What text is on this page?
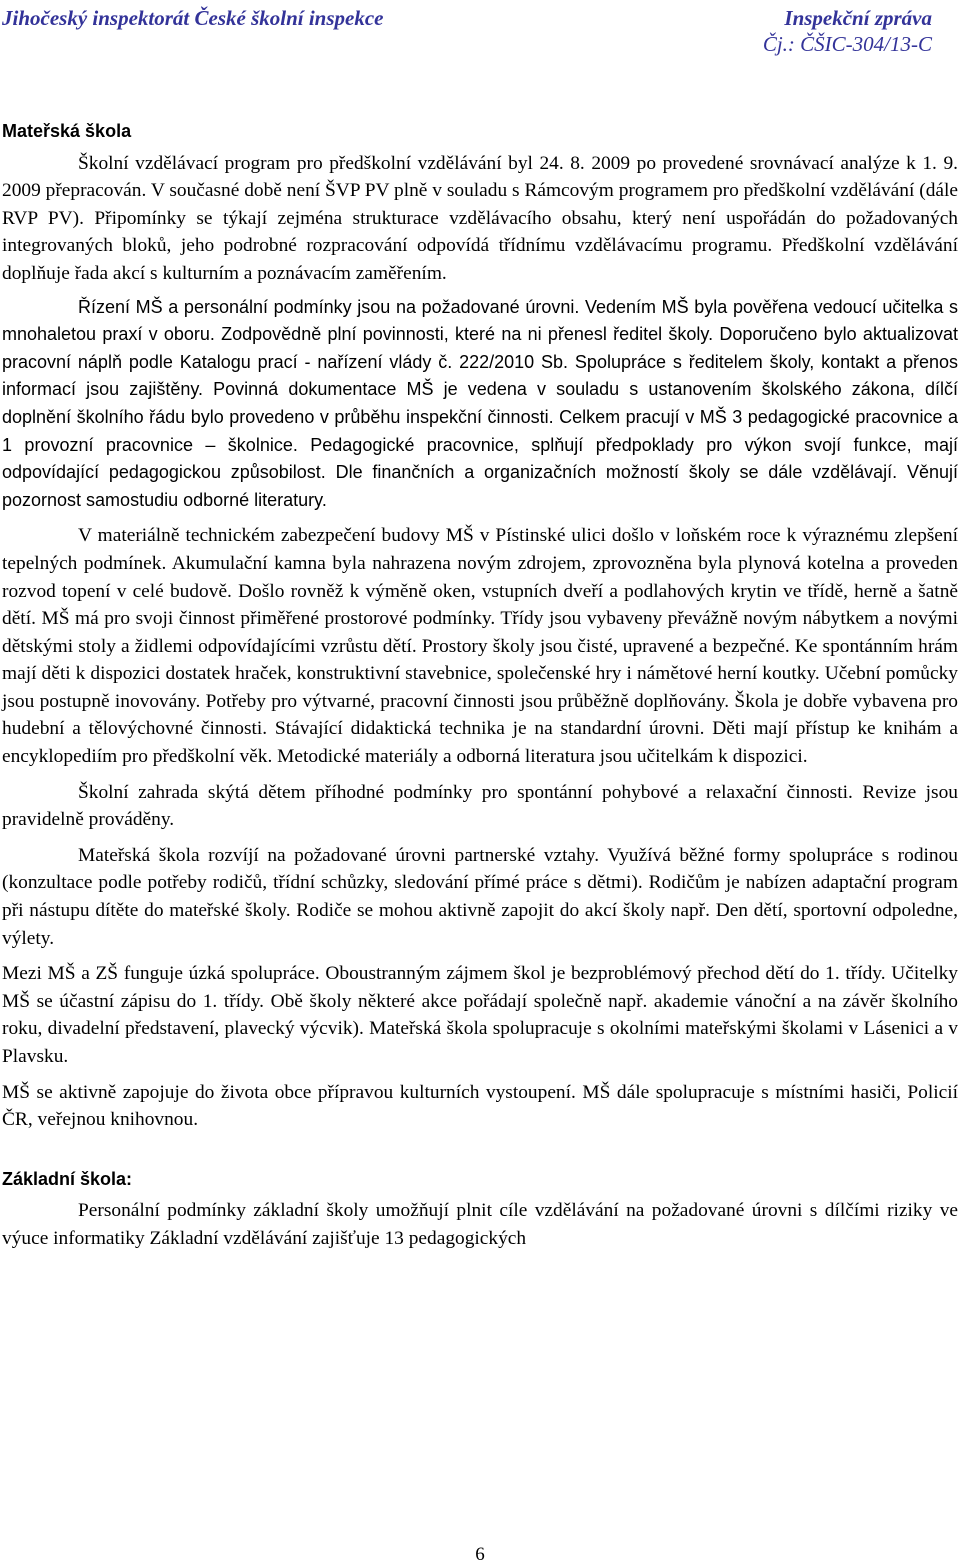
Jihočeský inspektorát České školní inspekce	Inspekční zpráva
Čj.: ČŠIC-304/13-C
Mateřská škola

Školní vzdělávací program pro předškolní vzdělávání byl 24. 8. 2009 po provedené srovnávací analýze k 1. 9. 2009 přepracován. V současné době není ŠVP PV plně v souladu s Rámcovým programem pro předškolní vzdělávání (dále RVP PV). Připomínky se týkají zejména strukturace vzdělávacího obsahu, který není uspořádán do požadovaných integrovaných bloků, jeho podrobné rozpracování odpovídá třídnímu vzdělávacímu programu. Předškolní vzdělávání doplňuje řada akcí s kulturním a poznávacím zaměřením.

Řízení MŠ a personální podmínky jsou na požadované úrovni. Vedením MŠ byla pověřena vedoucí učitelka s mnohaletou praxí v oboru. Zodpovědně plní povinnosti, které na ni přenesl ředitel školy. Doporučeno bylo aktualizovat pracovní náplň podle Katalogu prací - nařízení vlády č. 222/2010 Sb. Spolupráce s ředitelem školy, kontakt a přenos informací jsou zajištěny. Povinná dokumentace MŠ je vedena v souladu s ustanovením školského zákona, dílčí doplnění školního řádu bylo provedeno v průběhu inspekční činnosti. Celkem pracují v MŠ 3 pedagogické pracovnice a 1 provozní pracovnice – školnice. Pedagogické pracovnice, splňují předpoklady pro výkon svojí funkce, mají odpovídající pedagogickou způsobilost. Dle finančních a organizačních možností školy se dále vzdělávají. Věnují pozornost samostudiu odborné literatury.

V materiálně technickém zabezpečení budovy MŠ v Pístinské ulici došlo v loňském roce k výraznému zlepšení tepelných podmínek. Akumulační kamna byla nahrazena novým zdrojem, zprovozněna byla plynová kotelna a proveden rozvod topení v celé budově. Došlo rovněž k výměně oken, vstupních dveří a podlahových krytin ve třídě, herně a šatně dětí. MŠ má pro svoji činnost přiměřené prostorové podmínky. Třídy jsou vybaveny převážně novým nábytkem a novými dětskými stoly a židlemi odpovídajícími vzrůstu dětí. Prostory školy jsou čisté, upravené a bezpečné. Ke spontánním hrám mají děti k dispozici dostatek hraček, konstruktivní stavebnice, společenské hry i námětové herní koutky. Učební pomůcky jsou postupně inovovány. Potřeby pro výtvarné, pracovní činnosti jsou průběžně doplňovány. Škola je dobře vybavena pro hudební a tělovýchovné činnosti. Stávající didaktická technika je na standardní úrovni. Děti mají přístup ke knihám a encyklopediím pro předškolní věk. Metodické materiály a odborná literatura jsou učitelkám k dispozici.

Školní zahrada skýtá dětem příhodné podmínky pro spontánní pohybové a relaxační činnosti. Revize jsou pravidelně prováděny.

Mateřská škola rozvíjí na požadované úrovni partnerské vztahy. Využívá běžné formy spolupráce s rodinou (konzultace podle potřeby rodičů, třídní schůzky, sledování přímé práce s dětmi). Rodičům je nabízen adaptační program při nástupu dítěte do mateřské školy. Rodiče se mohou aktivně zapojit do akcí školy např. Den dětí, sportovní odpoledne, výlety.

Mezi MŠ a ZŠ funguje úzká spolupráce. Oboustranným zájmem škol je bezproblémový přechod dětí do 1. třídy. Učitelky MŠ se účastní zápisu do 1. třídy. Obě školy některé akce pořádají společně např. akademie vánoční a na závěr školního roku, divadelní představení, plavecký výcvik). Mateřská škola spolupracuje s okolními mateřskými školami v Lásenici a v Plavsku.

MŠ se aktivně zapojuje do života obce přípravou kulturních vystoupení. MŠ dále spolupracuje s místními hasiči, Policií ČR, veřejnou knihovnou.

Základní škola:

Personální podmínky základní školy umožňují plnit cíle vzdělávání na požadované úrovni s dílčími riziky ve výuce informatiky Základní vzdělávání zajišťuje 13 pedagogických

6
